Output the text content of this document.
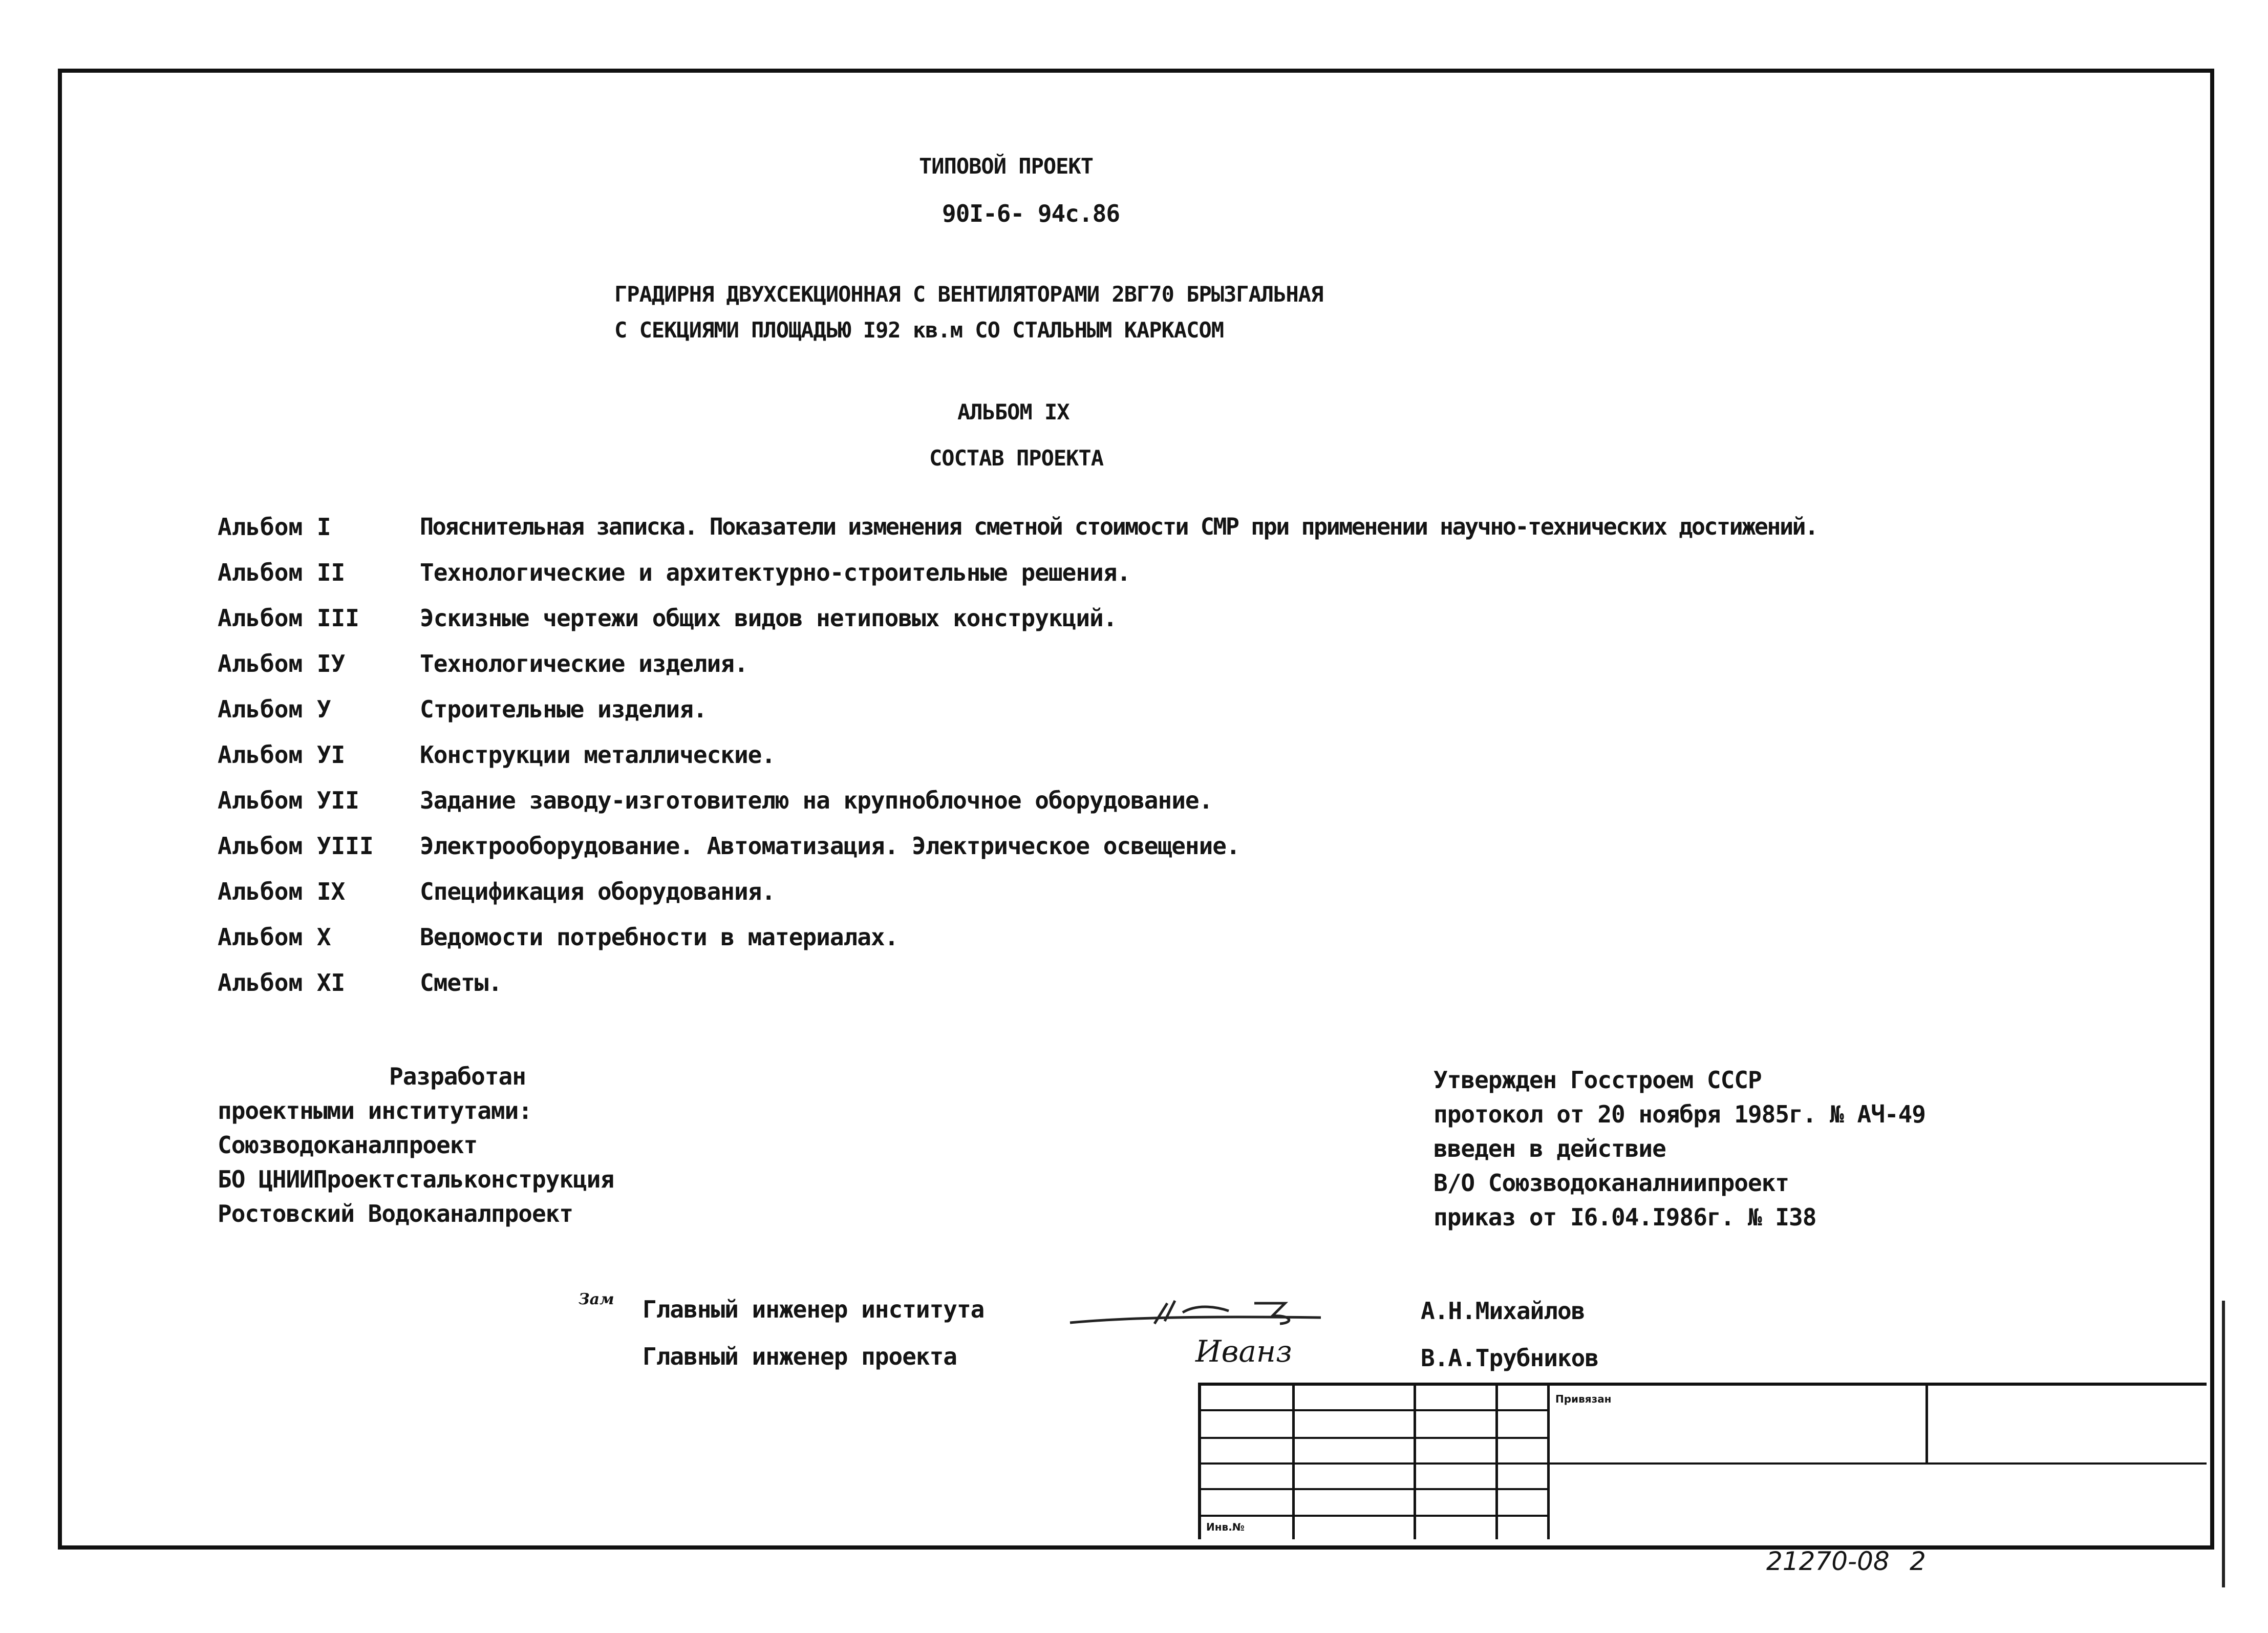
ТИПОВОЙ ПРОЕКТ
90I-6- 94с.86
ГРАДИРНЯ ДВУХСЕКЦИОННАЯ С ВЕНТИЛЯТОРАМИ 2ВГ70 БРЫЗГАЛЬНАЯ
С СЕКЦИЯМИ ПЛОЩАДЬЮ I92 кв.м СО СТАЛЬНЫМ КАРКАСОМ
АЛЬБОМ IX
СОСТАВ ПРОЕКТА
Альбом I	Пояснительная записка. Показатели изменения сметной стоимости СМР при применении научно-технических достижений.
Альбом II	Технологические и архитектурно-строительные решения.
Альбом III	Эскизные чертежи общих видов нетиповых конструкций.
Альбом IУ	Технологические изделия.
Альбом У	Строительные изделия.
Альбом УI	Конструкции металлические.
Альбом УII	Задание заводу-изготовителю на крупноблочное оборудование.
Альбом УIII Электрооборудование. Автоматизация. Электрическое освещение.
Альбом IX	Спецификация оборудования.
Альбом X	Ведомости потребности в материалах.
Альбом XI	Сметы.
Разработан
проектными институтами:
Союзводоканалпроект
БО ЦНИИПроектстальконструкция
Ростовский Водоканалпроект
Утвержден Госстроем СССР
протокол от 20 ноября 1985г. № АЧ-49
введен в действие
В/О Союзводоканалниипроект
приказ от I6.04.I986г. № I38
Зам Главный инженер института	А.Н.Михайлов
Главный инженер проекта	В.А.Трубников
Иванз
Привязан
Инв.№
21270-08 2
